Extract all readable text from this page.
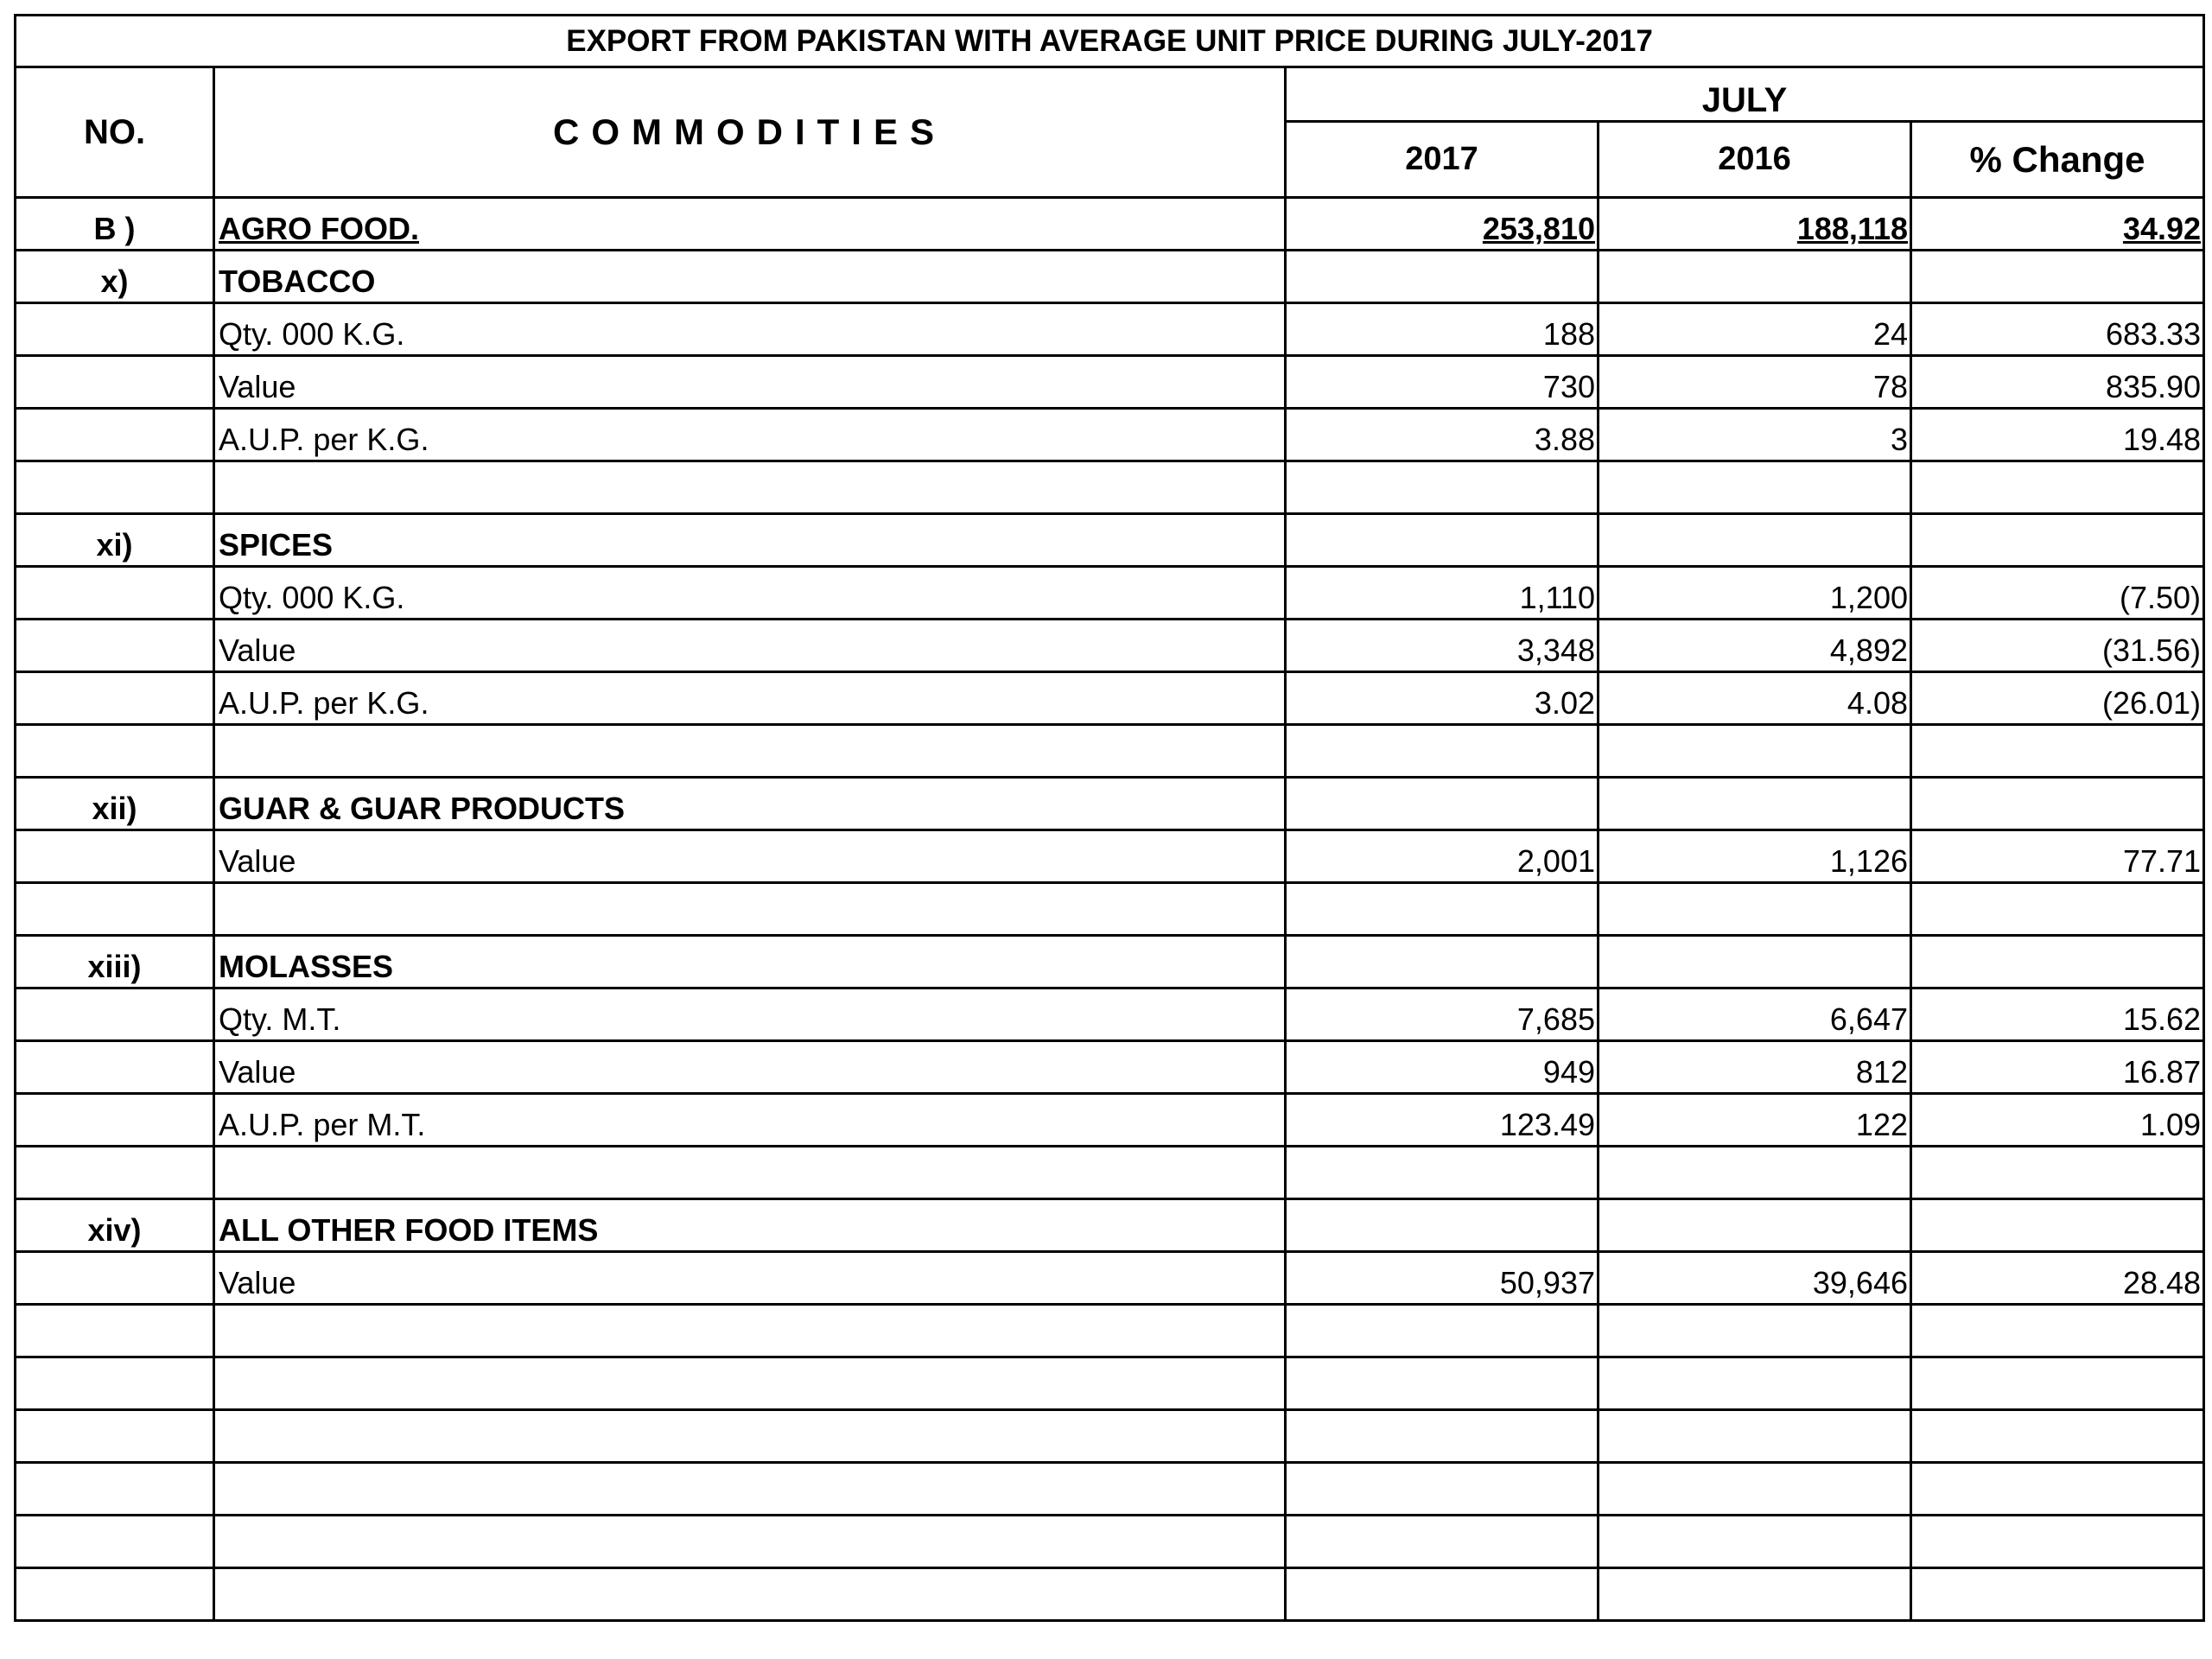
EXPORT FROM PAKISTAN WITH AVERAGE UNIT PRICE DURING JULY-2017				
NO.	COMMODITIES	JULY		
		2017	2016	% Change
B )	AGRO FOOD.	253,810	188,118	34.92
x)	TOBACCO			
	Qty. 000 K.G.	188	24	683.33
	Value	730	78	835.90
	A.U.P. per K.G.	3.88	3	19.48

xi)	SPICES			
	Qty. 000 K.G.	1,110	1,200	(7.50)
	Value	3,348	4,892	(31.56)
	A.U.P. per K.G.	3.02	4.08	(26.01)

xii)	GUAR & GUAR PRODUCTS			
	Value	2,001	1,126	77.71

xiii)	MOLASSES			
	Qty. M.T.	7,685	6,647	15.62
	Value	949	812	16.87
	A.U.P. per M.T.	123.49	122	1.09

xiv)	ALL OTHER FOOD ITEMS			
	Value	50,937	39,646	28.48
